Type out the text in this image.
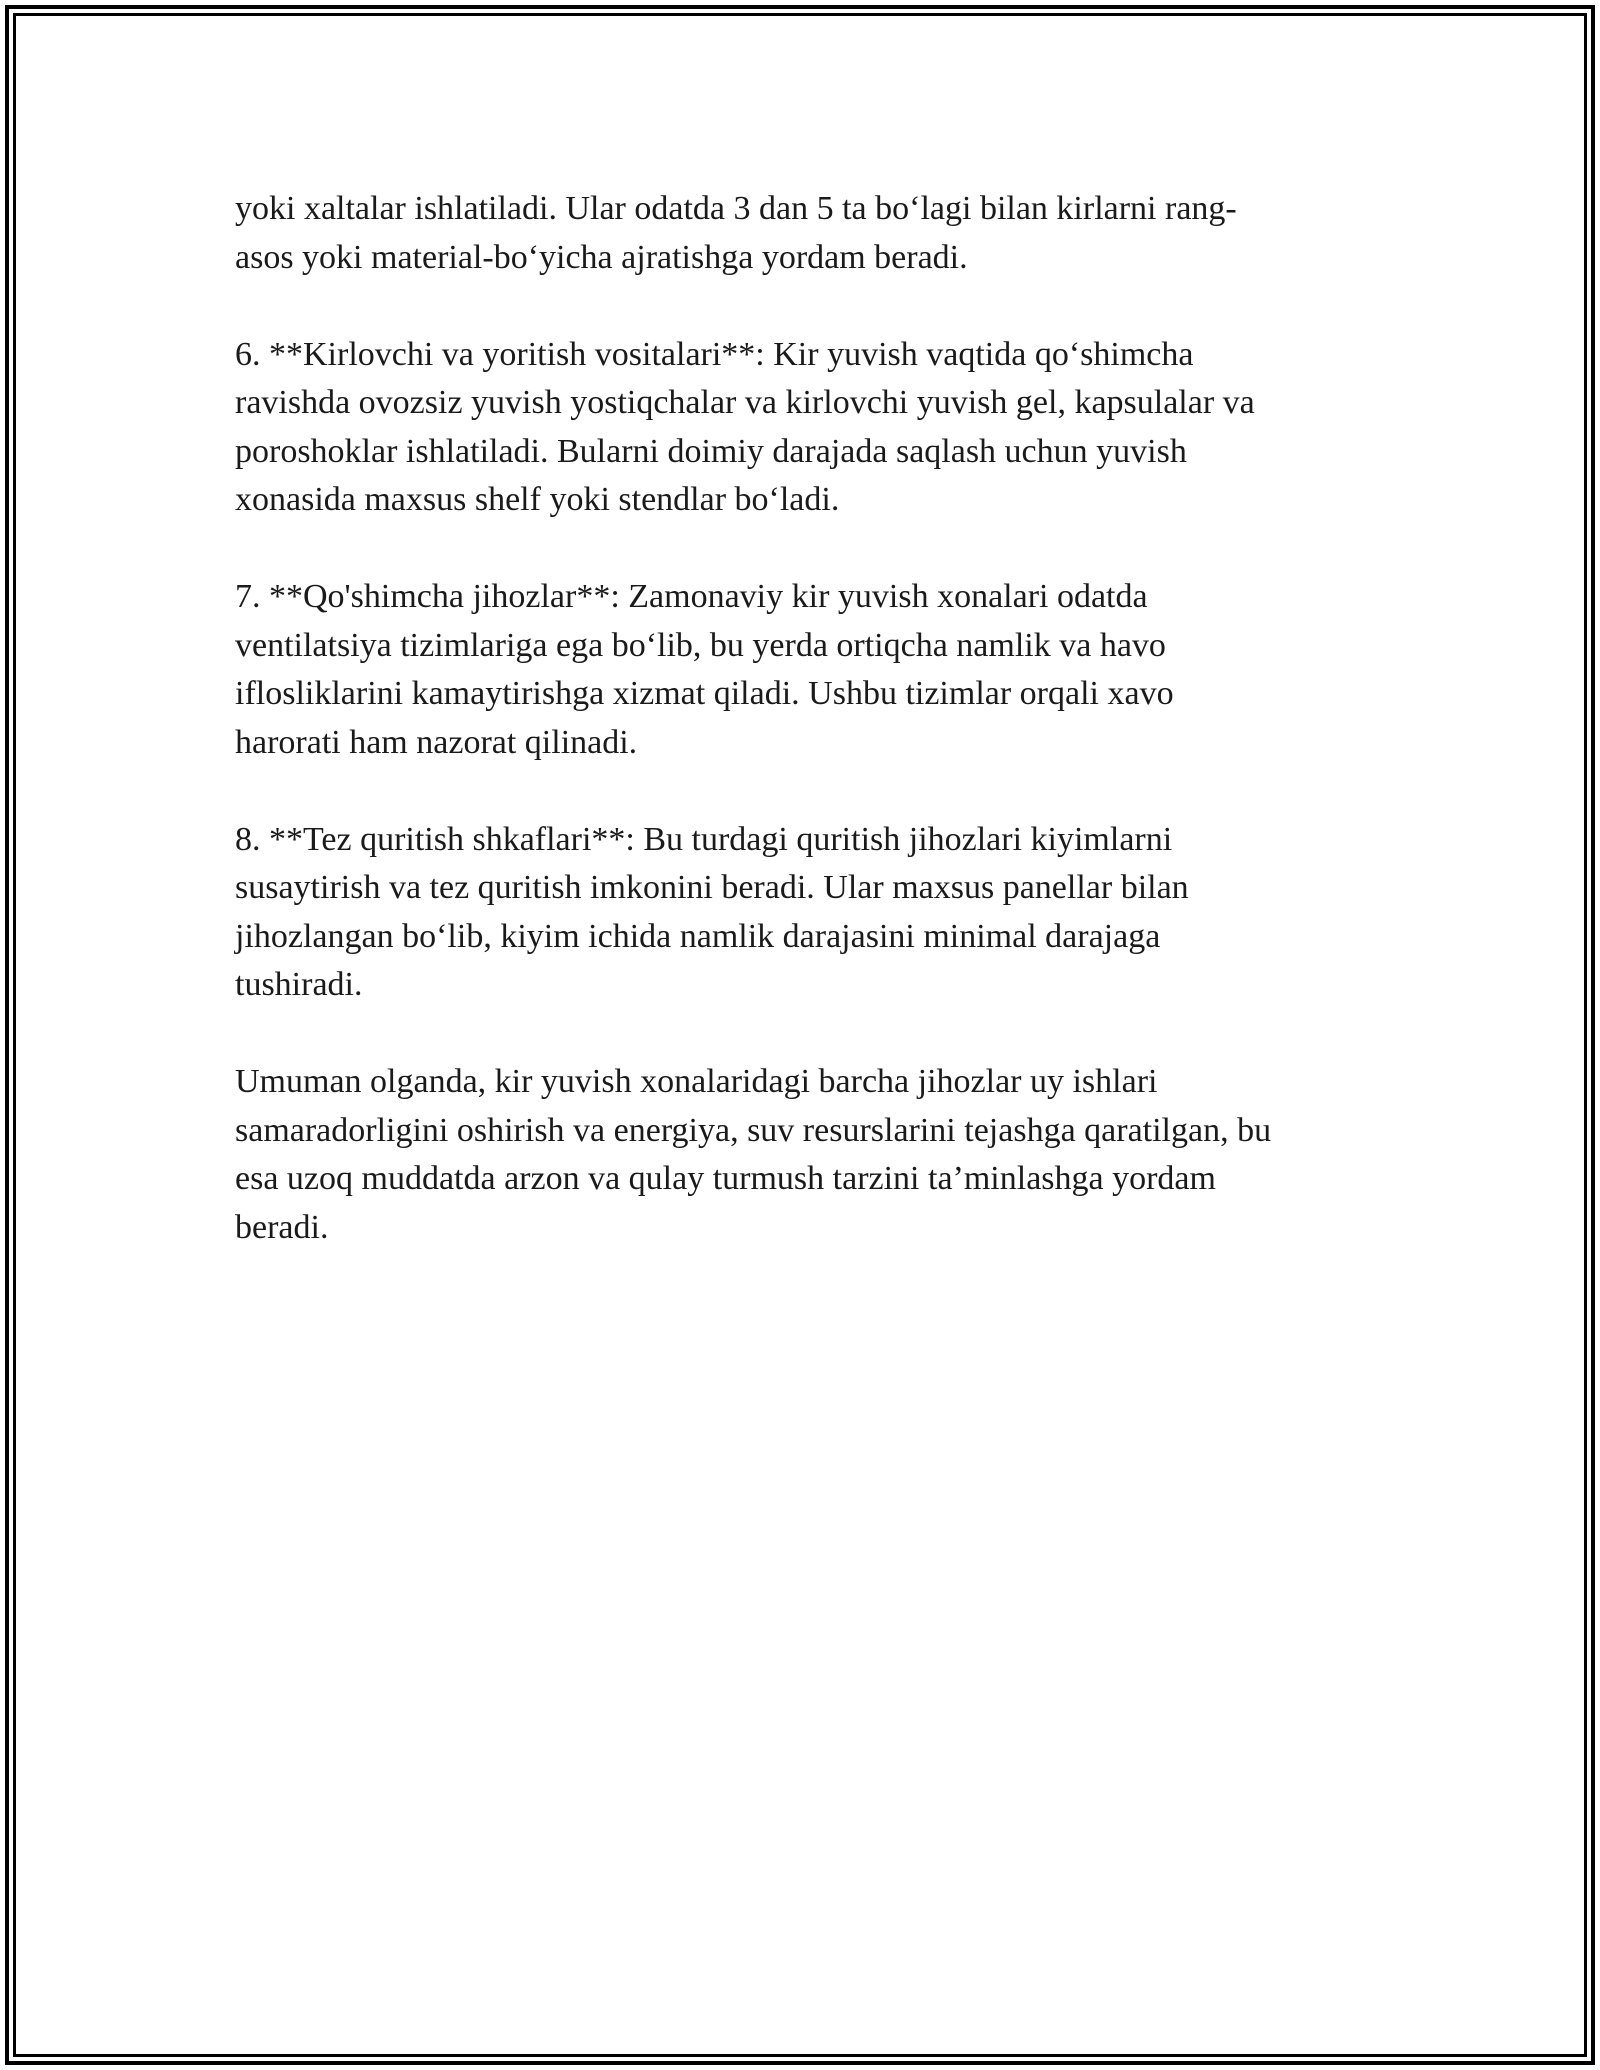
yoki xaltalar ishlatiladi. Ular odatda 3 dan 5 ta bo‘lagi bilan kirlarni rang-
asos yoki material-bo‘yicha ajratishga yordam beradi.

6. **Kirlovchi va yoritish vositalari**: Kir yuvish vaqtida qo‘shimcha
ravishda ovozsiz yuvish yostiqchalar va kirlovchi yuvish gel, kapsulalar va
poroshoklar ishlatiladi. Bularni doimiy darajada saqlash uchun yuvish
xonasida maxsus shelf yoki stendlar bo‘ladi.

7. **Qo'shimcha jihozlar**: Zamonaviy kir yuvish xonalari odatda
ventilatsiya tizimlariga ega bo‘lib, bu yerda ortiqcha namlik va havo
iflosliklarini kamaytirishga xizmat qiladi. Ushbu tizimlar orqali xavo
harorati ham nazorat qilinadi.

8. **Tez quritish shkaflari**: Bu turdagi quritish jihozlari kiyimlarni
susaytirish va tez quritish imkonini beradi. Ular maxsus panellar bilan
jihozlangan bo‘lib, kiyim ichida namlik darajasini minimal darajaga
tushiradi.

Umuman olganda, kir yuvish xonalaridagi barcha jihozlar uy ishlari
samaradorligini oshirish va energiya, suv resurslarini tejashga qaratilgan, bu
esa uzoq muddatda arzon va qulay turmush tarzini ta’minlashga yordam
beradi.
